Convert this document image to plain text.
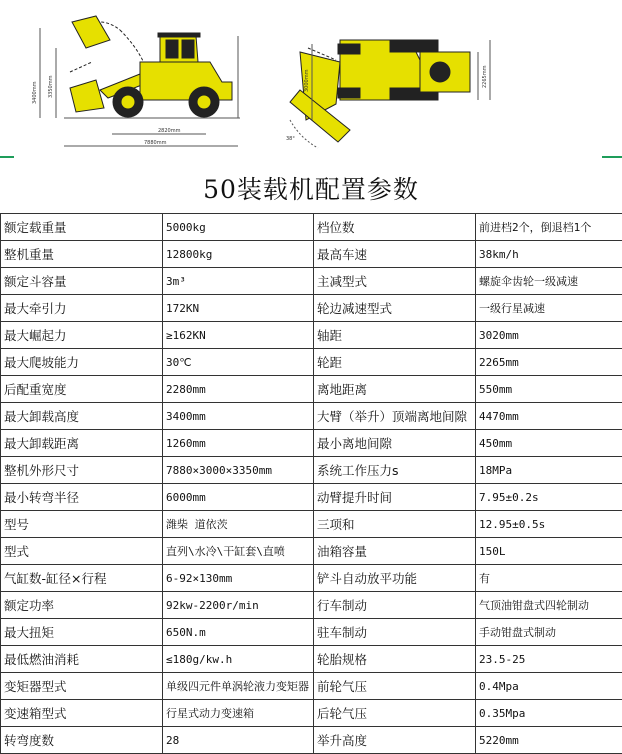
3400mm 3350mm
2820mm
7880mm
3000mm	2265mm
38°
50装载机配置参数
额定载重量	5000kg	档位数	前进档2个，倒退档1个
整机重量	12800kg	最高车速	38km/h
额定斗容量	3m³	主减型式	螺旋伞齿轮一级减速
最大牵引力	172KN	轮边减速型式	一级行星减速
最大崛起力	≥162KN	轴距	3020mm
最大爬坡能力	30℃	轮距	2265mm
后配重宽度	2280mm	离地距离	550mm
最大卸载高度	3400mm	大臂（举升）顶端离地间隙	4470mm
最大卸载距离	1260mm	最小离地间隙	450mm
整机外形尺寸	7880×3000×3350mm	系统工作压力s	18MPa
最小转弯半径	6000mm	动臂提升时间	7.95±0.2s
型号	潍柴 道依茨	三项和	12.95±0.5s
型式	直列\水冷\干缸套\直喷	油箱容量	150L
气缸数-缸径×行程	6-92×130mm	铲斗自动放平功能	有
额定功率	92kw-2200r/min	行车制动	气顶油钳盘式四轮制动
最大扭矩	650N.m	驻车制动	手动钳盘式制动
最低燃油消耗	≤180g/kw.h	轮胎规格	23.5-25
变矩器型式	单级四元件单涡轮液力变矩器	前轮气压	0.4Mpa
变速箱型式	行星式动力变速箱	后轮气压	0.35Mpa
转弯度数	28	举升高度	5220mm
